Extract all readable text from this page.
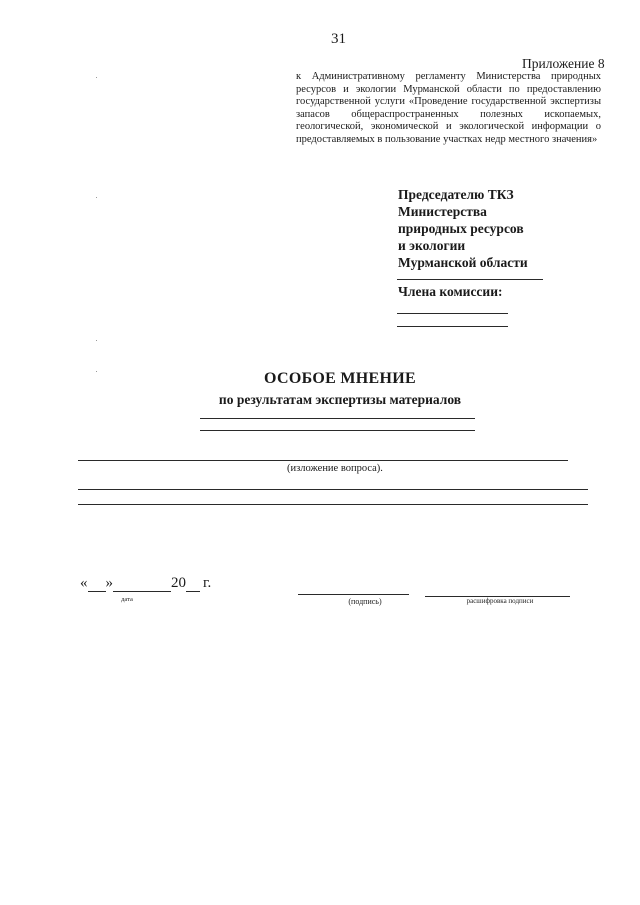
31
Приложение 8
к Административному регламенту Министерства природных ресурсов и экологии Мурманской области по предоставлению государственной услуги «Проведение государственной экспертизы запасов общераспространенных полезных ископаемых, геологической, экономической и экологической информации о предоставляемых в пользование участках недр местного значения»
Председателю ТКЗ
Министерства
природных ресурсов
и экологии
Мурманской области
Члена комиссии:
ОСОБОЕ МНЕНИЕ
по результатам экспертизы материалов
(изложение вопроса).
« »	20 г.
дата	(подпись)	расшифровка подписи
